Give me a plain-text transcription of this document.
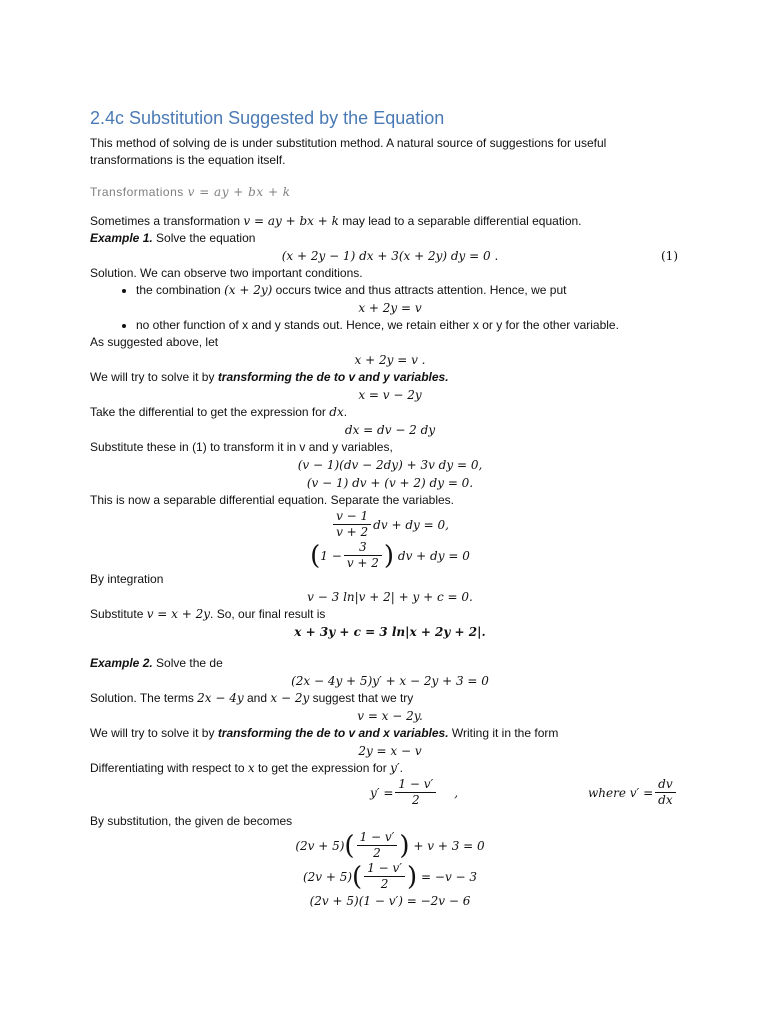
2.4c Substitution Suggested by the Equation

This method of solving de is under substitution method. A natural source of suggestions for useful transformations is the equation itself.

Transformations v = ay + bx + k

Sometimes a transformation v = ay + bx + k may lead to a separable differential equation.

Example 1. Solve the equation

(x + 2y − 1) dx + 3(x + 2y) dy = 0 .	(1)

Solution. We can observe two important conditions.

• the combination (x + 2y) occurs twice and thus attracts attention. Hence, we put
x + 2y = v
• no other function of x and y stands out. Hence, we retain either x or y for the other variable.

As suggested above, let

x + 2y = v .

We will try to solve it by transforming the de to v and y variables.

x = v − 2y

Take the differential to get the expression for dx.

dx = dv − 2 dy

Substitute these in (1) to transform it in v and y variables,

(v − 1)(dv − 2dy) + 3v dy = 0,
(v − 1) dv + (v + 2) dy = 0.

This is now a separable differential equation. Separate the variables.

$\frac{v - 1}{v + 2}$ dv + dy = 0,
( $1 - \frac{3}{v + 2}$ )
dv + dy = 0

By integration

v − 3 ln|v + 2| + y + c = 0.

Substitute v = x + 2y. So, our final result is

x + 3y + c = 3 ln|x + 2y + 2|.

Example 2. Solve the de

(2x − 4y + 5)y′ + x − 2y + 3 = 0

Solution. The terms 2x − 4y and x − 2y suggest that we try

v = x − 2y.

We will try to solve it by transforming the de to v and x variables. Writing it in the form

2y = x − v

Differentiating with respect to x to get the expression for y′.

$y' = \frac{1 - v'}{2}$ ,	where $v' = \frac{dv}{dx}$

By substitution, the given de becomes

(2v + 5) ( $\frac{1 - v'}{2}$ )
+ v + 3 = 0
(2v + 5) ( $\frac{1 - v'}{2}$ )
= −v − 3
(2v + 5)(1 − v′) = −2v − 6
